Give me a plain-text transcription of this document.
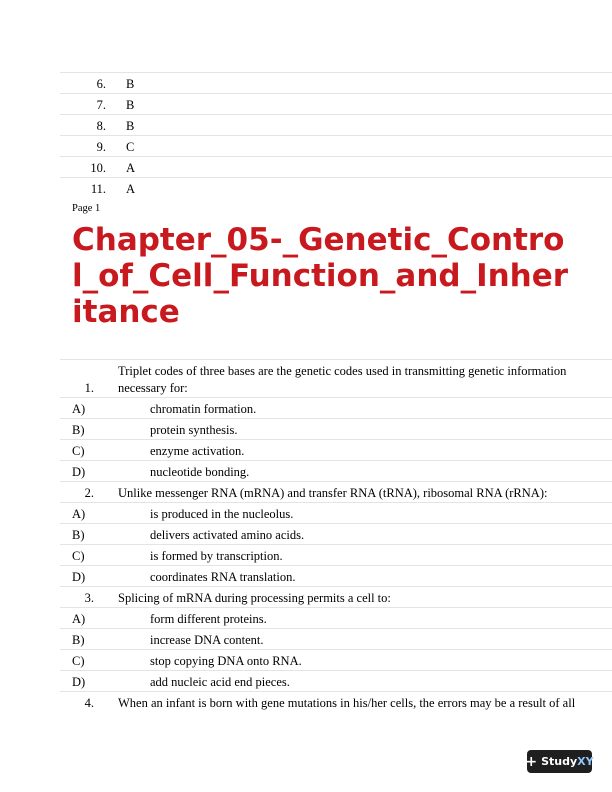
6. B
7. B
8. B
9. C
10. A
11. A
Page 1
Chapter_05-_Genetic_Control_of_Cell_Function_and_Inheritance
Triplet codes of three bases are the genetic codes used in transmitting genetic information
1. necessary for:
A)	chromatin formation.
B)	protein synthesis.
C)	enzyme activation.
D)	nucleotide bonding.
2. Unlike messenger RNA (mRNA) and transfer RNA (tRNA), ribosomal RNA (rRNA):
A)	is produced in the nucleolus.
B)	delivers activated amino acids.
C)	is formed by transcription.
D)	coordinates RNA translation.
3. Splicing of mRNA during processing permits a cell to:
A)	form different proteins.
B)	increase DNA content.
C)	stop copying DNA onto RNA.
D)	add nucleic acid end pieces.
4. When an infant is born with gene mutations in his/her cells, the errors may be a result of all
+ StudyXY
